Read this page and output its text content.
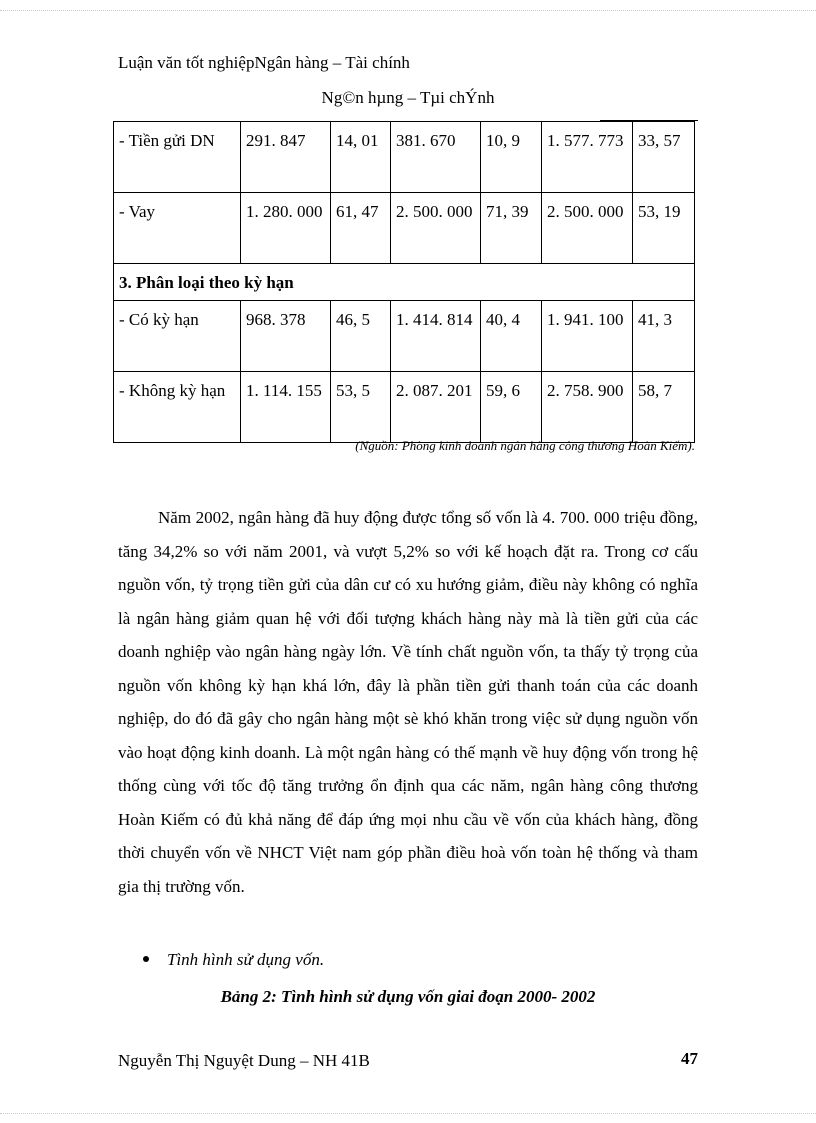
Luận văn tốt nghiệpNgân hàng – Tài chính
Ng©n hµng – Tµi chÝnh
- Tiền gửi DN	291. 847	14, 01	381. 670	10, 9	1. 577. 773	33, 57
- Vay	1. 280. 000	61, 47	2. 500. 000	71, 39	2. 500. 000	53, 19
3. Phân loại theo kỳ hạn						
- Có kỳ hạn	968. 378	46, 5	1. 414. 814	40, 4	1. 941. 100	41, 3
- Không kỳ hạn	1. 114. 155	53, 5	2. 087. 201	59, 6	2. 758. 900	58, 7
(Nguồn: Phòng kinh doanh ngân hàng công thương Hoàn Kiếm).

Năm 2002, ngân hàng đã huy động được tổng số vốn là 4. 700. 000 triệu đồng, tăng 34,2% so với năm 2001, và vượt 5,2% so với kế hoạch đặt ra. Trong cơ cấu nguồn vốn, tỷ trọng tiền gửi của dân cư có xu hướng giảm, điều này không có nghĩa là ngân hàng giảm quan hệ với đối tượng khách hàng này mà là tiền gửi của các doanh nghiệp vào ngân hàng ngày lớn. Về tính chất nguồn vốn, ta thấy tỷ trọng của nguồn vốn không kỳ hạn khá lớn, đây là phần tiền gửi thanh toán của các doanh nghiệp, do đó đã gây cho ngân hàng một sè khó khăn trong việc sử dụng nguồn vốn vào hoạt động kinh doanh. Là một ngân hàng có thế mạnh về huy động vốn trong hệ thống cùng với tốc độ tăng trưởng ổn định qua các năm, ngân hàng công thương Hoàn Kiếm có đủ khả năng để đáp ứng mọi nhu cầu về vốn của khách hàng, đồng thời chuyển vốn về NHCT Việt nam góp phần điều hoà vốn toàn hệ thống và tham gia thị trường vốn.

Tình hình sử dụng vốn.
Bảng 2: Tình hình sử dụng vốn giai đoạn 2000- 2002
Nguyễn Thị Nguyệt Dung – NH 41B	47
